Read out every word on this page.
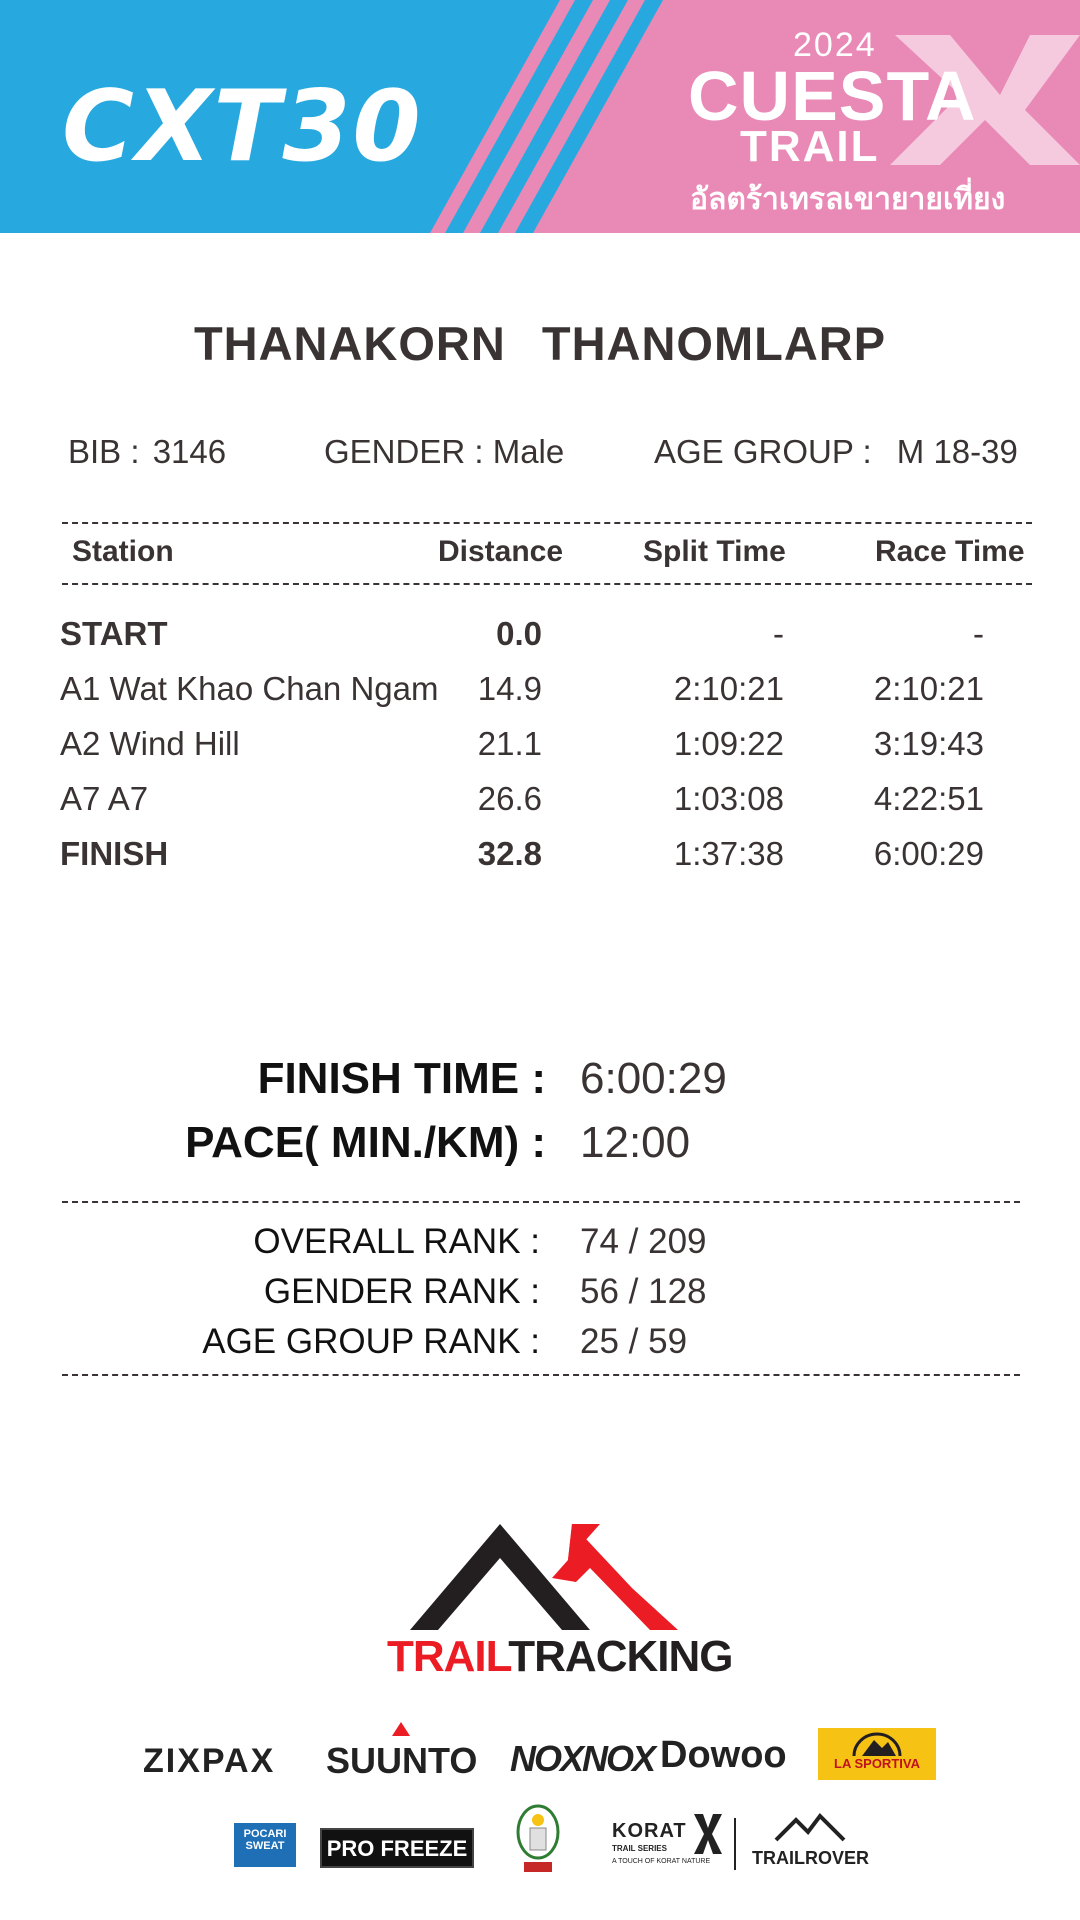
CXT30
2024
CUESTA
TRAIL
อัลตร้าเทรลเขายายเที่ยง
THANAKORN THANOMLARP
BIB : 3146	GENDER : Male	AGE GROUP : M 18-39
Station	Distance	Split Time	Race Time
START	0.0	-	-
A1 Wat Khao Chan Ngam	14.9	2:10:21	2:10:21
A2 Wind Hill	21.1	1:09:22	3:19:43
A7 A7	26.6	1:03:08	4:22:51
FINISH	32.8	1:37:38	6:00:29
FINISH TIME : 6:00:29
PACE( MIN./KM) : 12:00
OVERALL RANK : 74 / 209
GENDER RANK : 56 / 128
AGE GROUP RANK : 25 / 59
TRAILTRACKING
ZIXPAX SUUNTO NOXNOX Dowoo	LA SPORTIVA
POCARI SWEAT	PRO FREEZE
KORAT
TRAIL SERIES
A TOUCH OF KORAT NATURE TRAILROVER
